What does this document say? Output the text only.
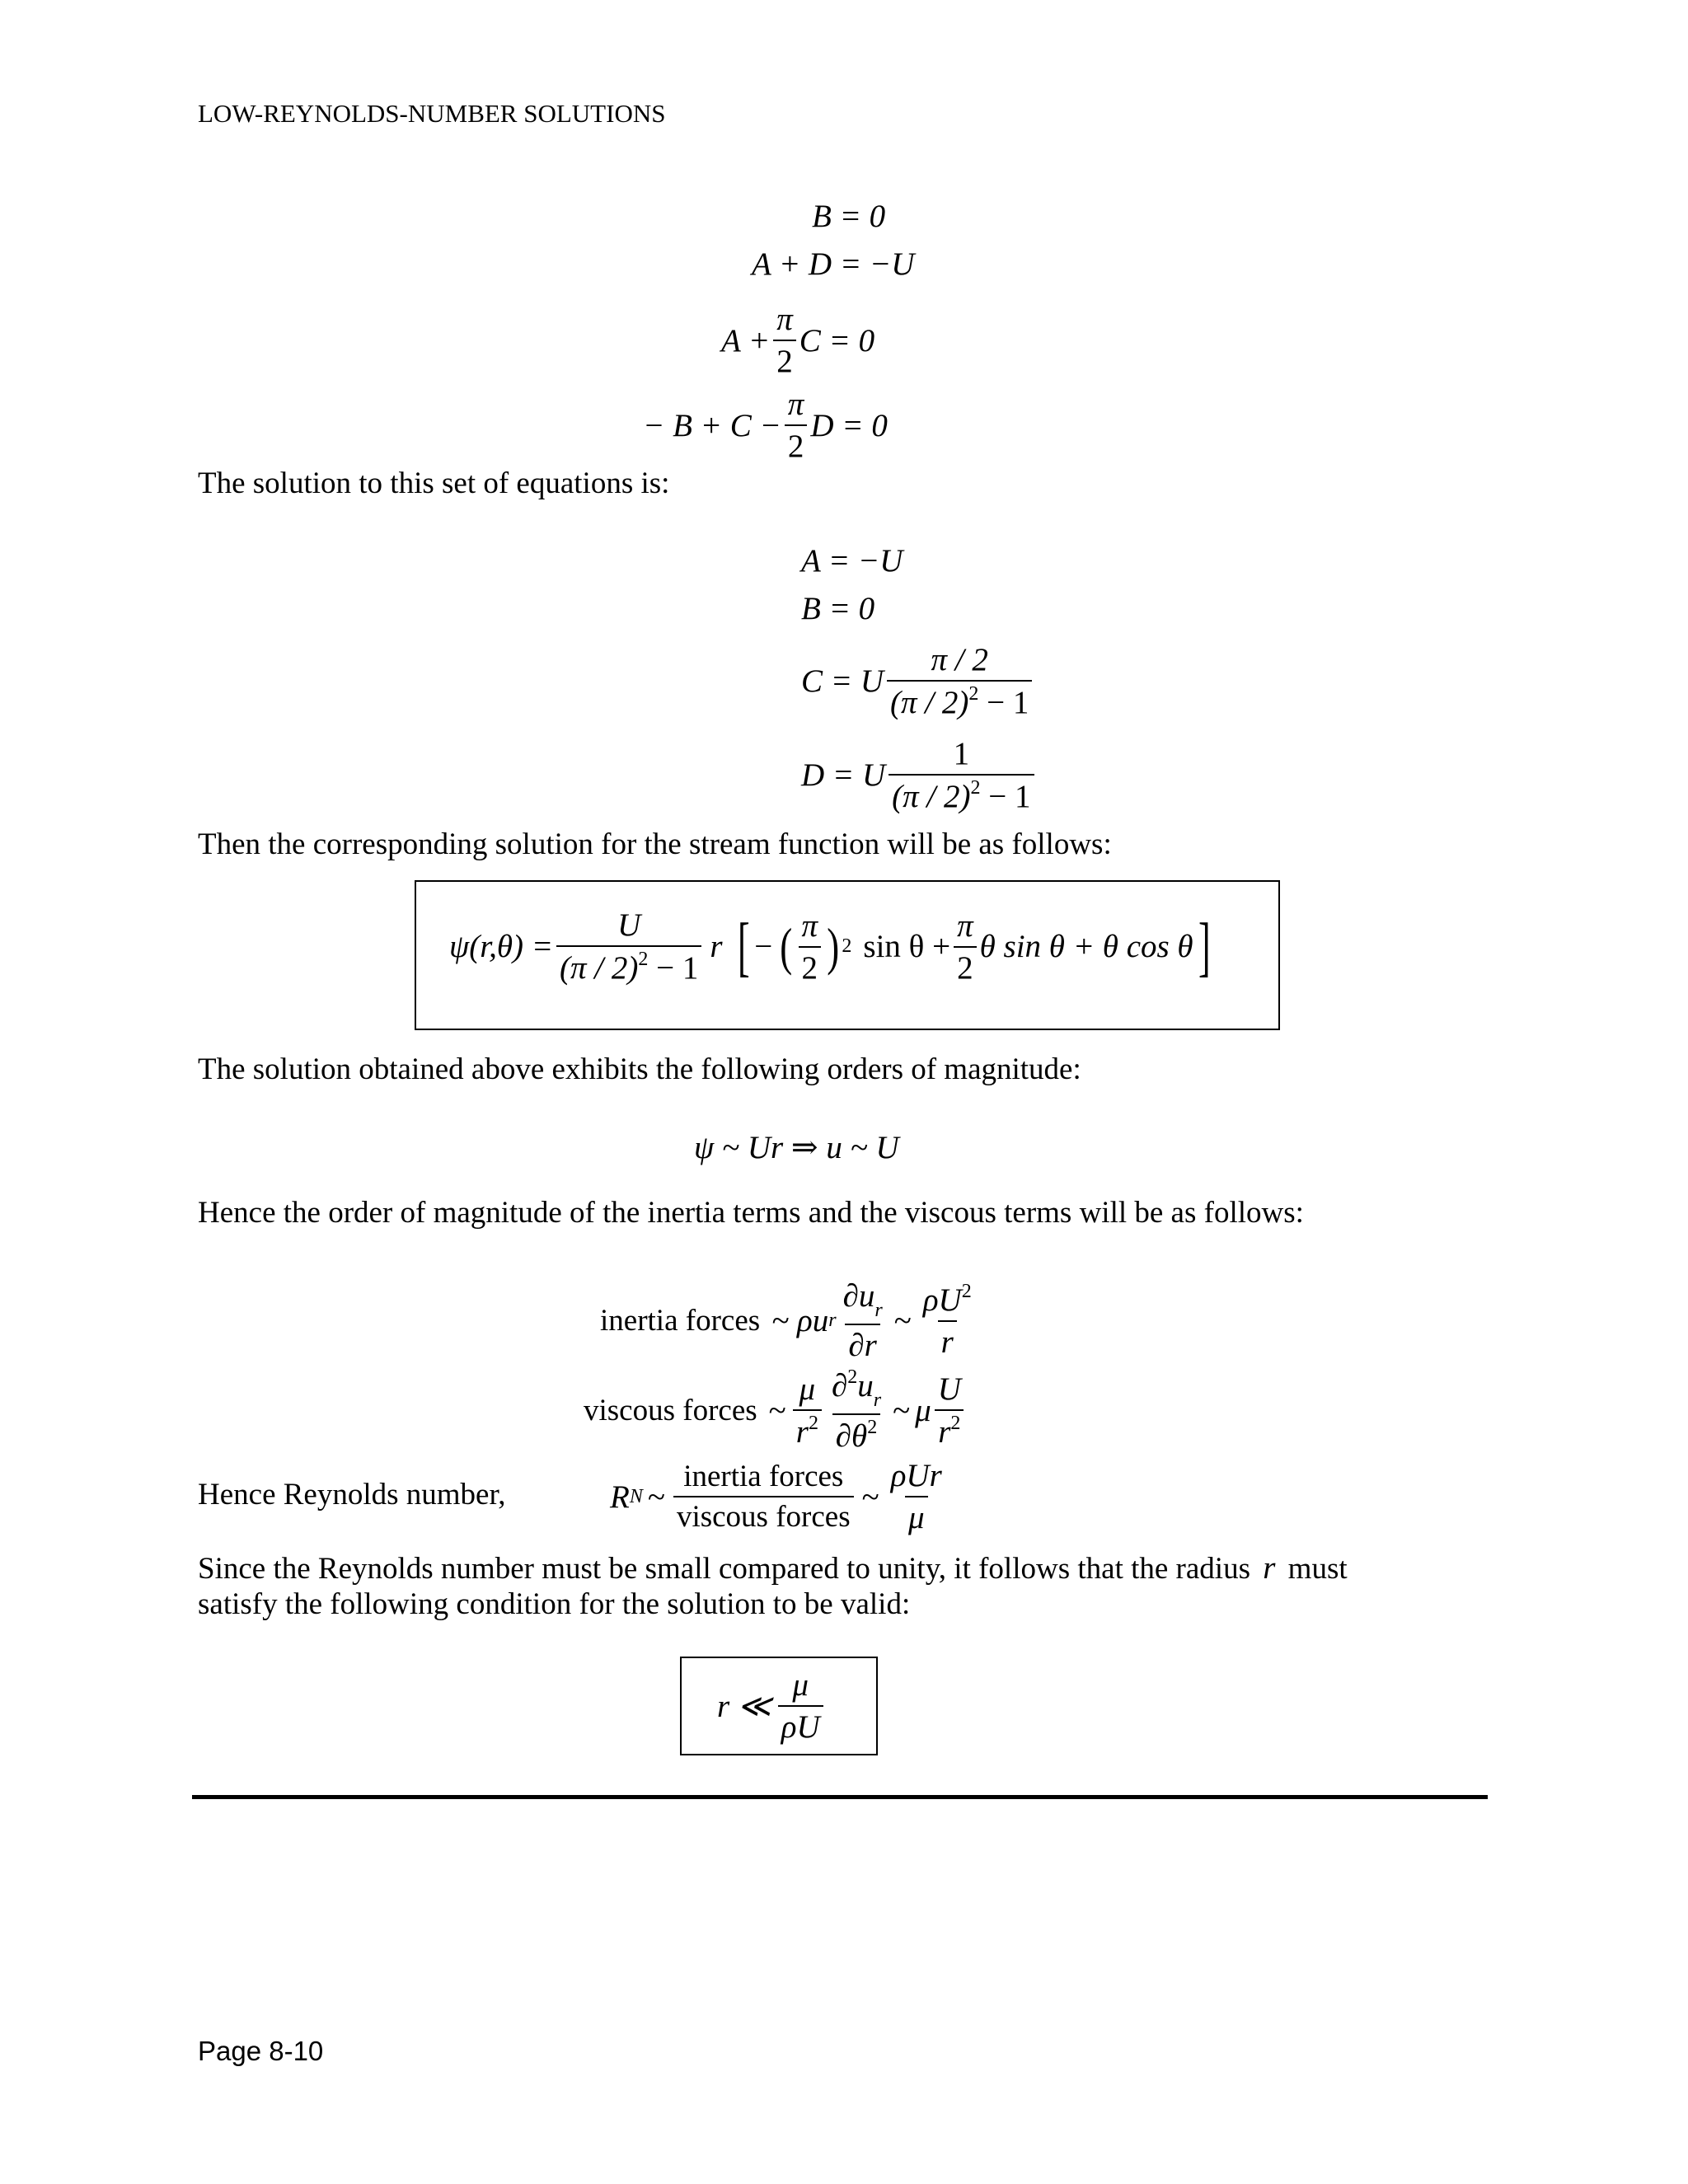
LOW-REYNOLDS-NUMBER SOLUTIONS
B = 0
A + D = −U
$A + \frac{\pi}{2}$ C = 0
− $B + C - \frac{\pi}{2}$ D = 0
The solution to this set of equations is:
A = −U
B = 0
C = U $\frac{\pi / 2}{(\pi / 2)^2 - 1}$
D = U $\frac{1}{(\pi / 2)^2 - 1}$
Then the corresponding solution for the stream function will be as follows:
$\psi(r,\theta) = \frac{U}{(\pi / 2)^2 - 1}$ r [ − ( $\frac{\pi}{2}$ ) 2 $\sin \theta + \frac{\pi}{2}$ θ sin θ + θ cos θ ]
The solution obtained above exhibits the following orders of magnitude:
ψ ~ Ur ⇒ u ~ U
Hence the order of magnitude of the inertia terms and the viscous terms will be as follows:
inertia forces ~ ρu r $\frac{\partial u_r}{\partial r}$ ~ $\frac{\rho U^2}{r}$
viscous forces ~ $\frac{\mu}{r^2} \frac{\partial^2u_r}{\partial\theta^2}$ ~ μ $\frac{U}{r^2}$
Hence Reynolds number,	R N ~ $\frac{\text{inertia forces}}{\text{viscous forces}}$ ~ $\frac{\text{ρUr}}{\mu}$
Since the Reynolds number must be small compared to unity, it follows that the radius r must
satisfy the following condition for the solution to be valid:
r ≪ $\frac{\mu}{\rho U}$
Page 8-10
